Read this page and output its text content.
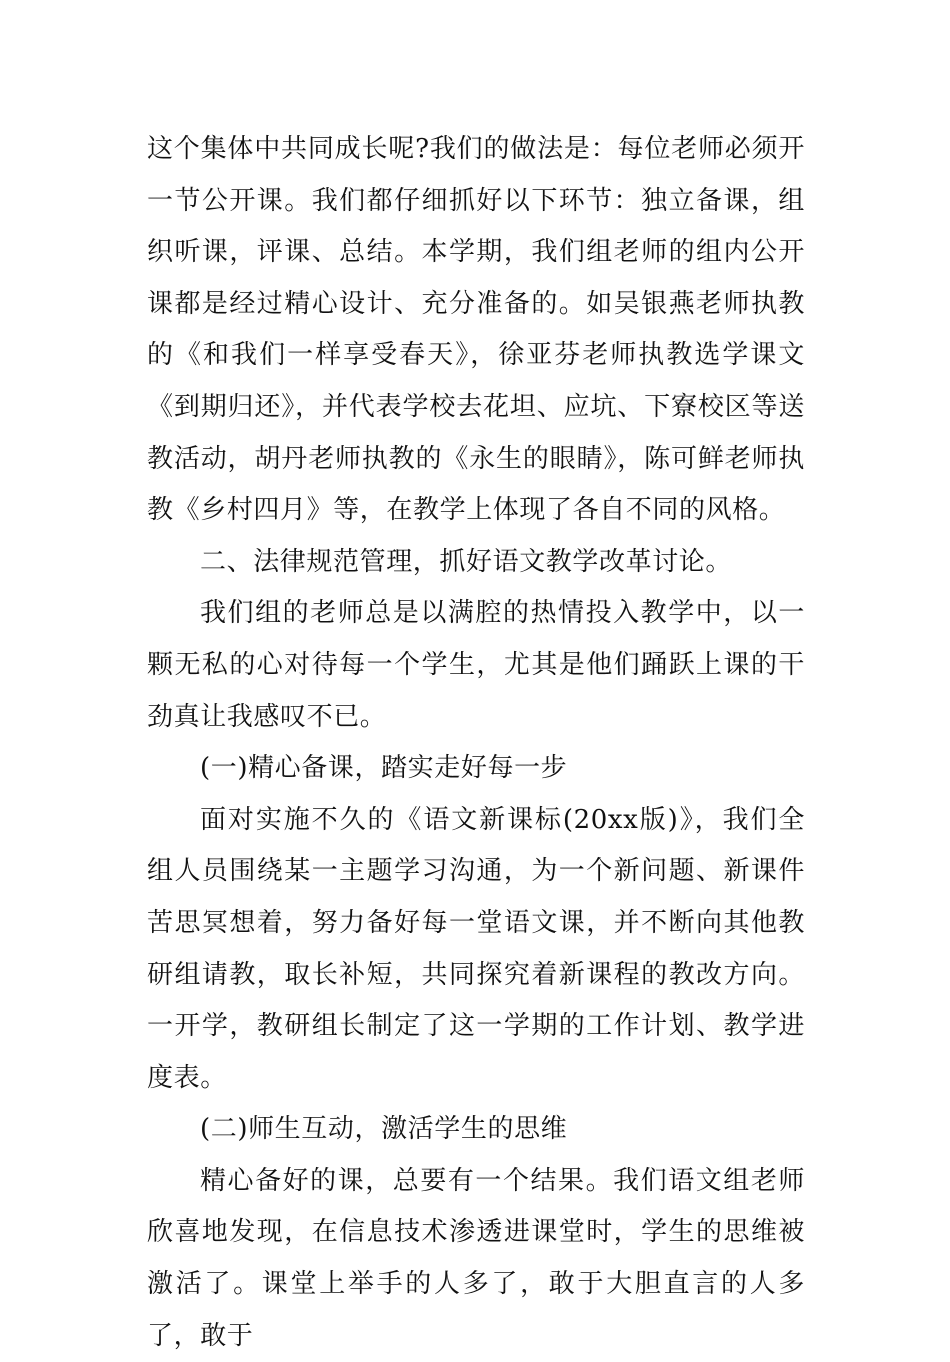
这个集体中共同成长呢?我们的做法是：每位老师必须开一节公开课。我们都仔细抓好以下环节：独立备课，组织听课，评课、总结。本学期，我们组老师的组内公开课都是经过精心设计、充分准备的。如吴银燕老师执教的《和我们一样享受春天》，徐亚芬老师执教选学课文《到期归还》，并代表学校去花坦、应坑、下寮校区等送教活动，胡丹老师执教的《永生的眼睛》，陈可鲜老师执教《乡村四月》等，在教学上体现了各自不同的风格。

二、法律规范管理，抓好语文教学改革讨论。

我们组的老师总是以满腔的热情投入教学中，以一颗无私的心对待每一个学生，尤其是他们踊跃上课的干劲真让我感叹不已。

(一)精心备课，踏实走好每一步

面对实施不久的《语文新课标(20xx版)》，我们全组人员围绕某一主题学习沟通，为一个新问题、新课件苦思冥想着，努力备好每一堂语文课，并不断向其他教研组请教，取长补短，共同探究着新课程的教改方向。一开学，教研组长制定了这一学期的工作计划、教学进度表。

(二)师生互动，激活学生的思维

精心备好的课，总要有一个结果。我们语文组老师欣喜地发现，在信息技术渗透进课堂时，学生的思维被激活了。课堂上举手的人多了，敢于大胆直言的人多了，敢于
